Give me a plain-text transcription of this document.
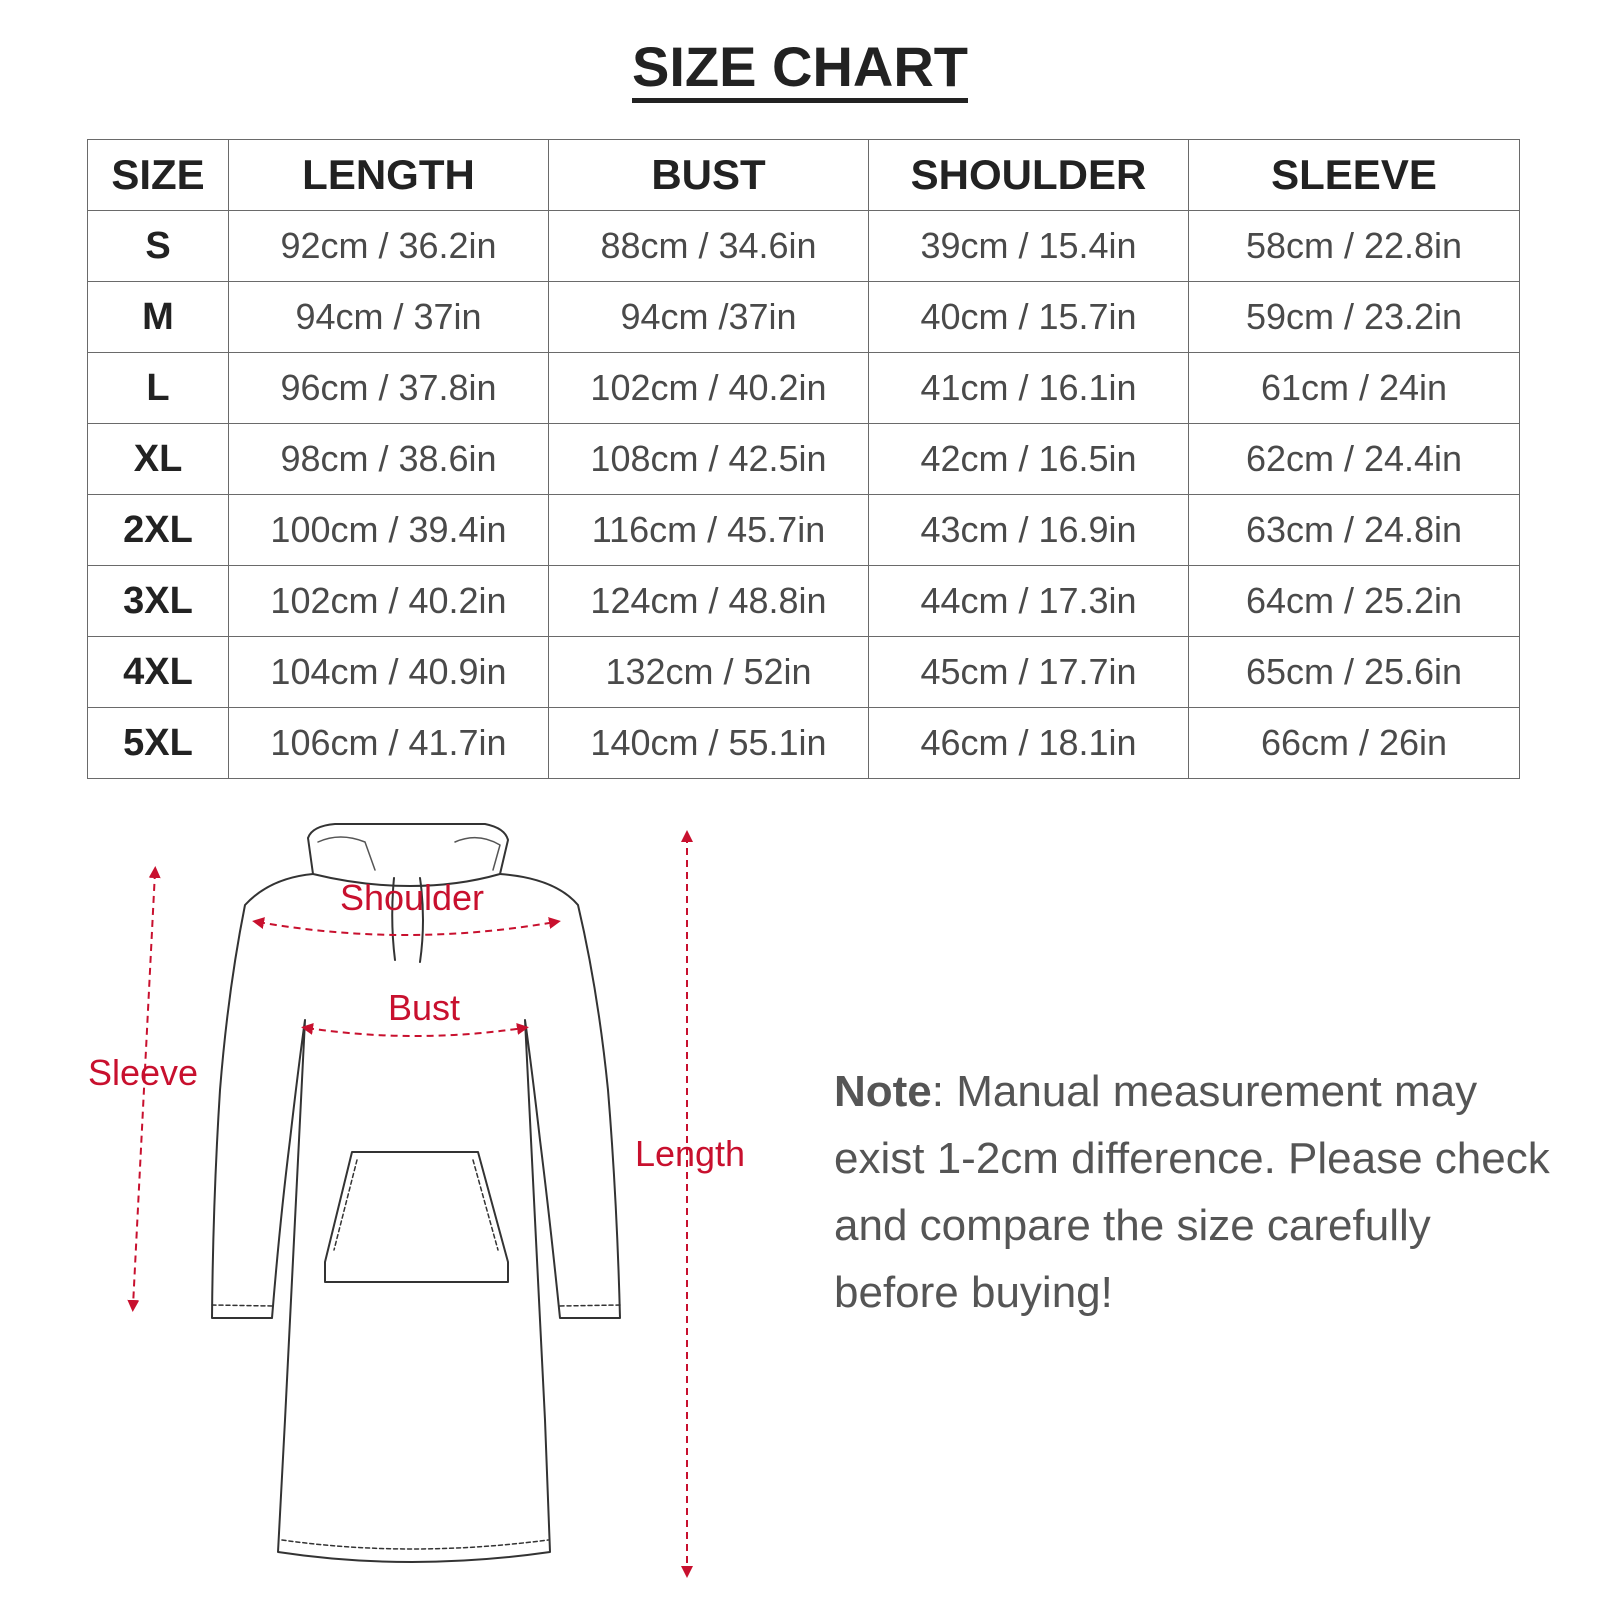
SIZE CHART
SIZE	LENGTH	BUST	SHOULDER	SLEEVE
S	92cm / 36.2in	88cm / 34.6in	39cm / 15.4in	58cm / 22.8in
M	94cm / 37in	94cm /37in	40cm / 15.7in	59cm / 23.2in
L	96cm / 37.8in	102cm / 40.2in	41cm / 16.1in	61cm / 24in
XL	98cm / 38.6in	108cm / 42.5in	42cm / 16.5in	62cm / 24.4in
2XL	100cm / 39.4in	116cm / 45.7in	43cm / 16.9in	63cm / 24.8in
3XL	102cm / 40.2in	124cm / 48.8in	44cm / 17.3in	64cm / 25.2in
4XL	104cm / 40.9in	132cm / 52in	45cm / 17.7in	65cm / 25.6in
5XL	106cm / 41.7in	140cm / 55.1in	46cm / 18.1in	66cm / 26in
Shoulder
Bust
Sleeve
Length
Note: Manual measurement may exist 1-2cm difference. Please check and compare the size carefully before buying!
